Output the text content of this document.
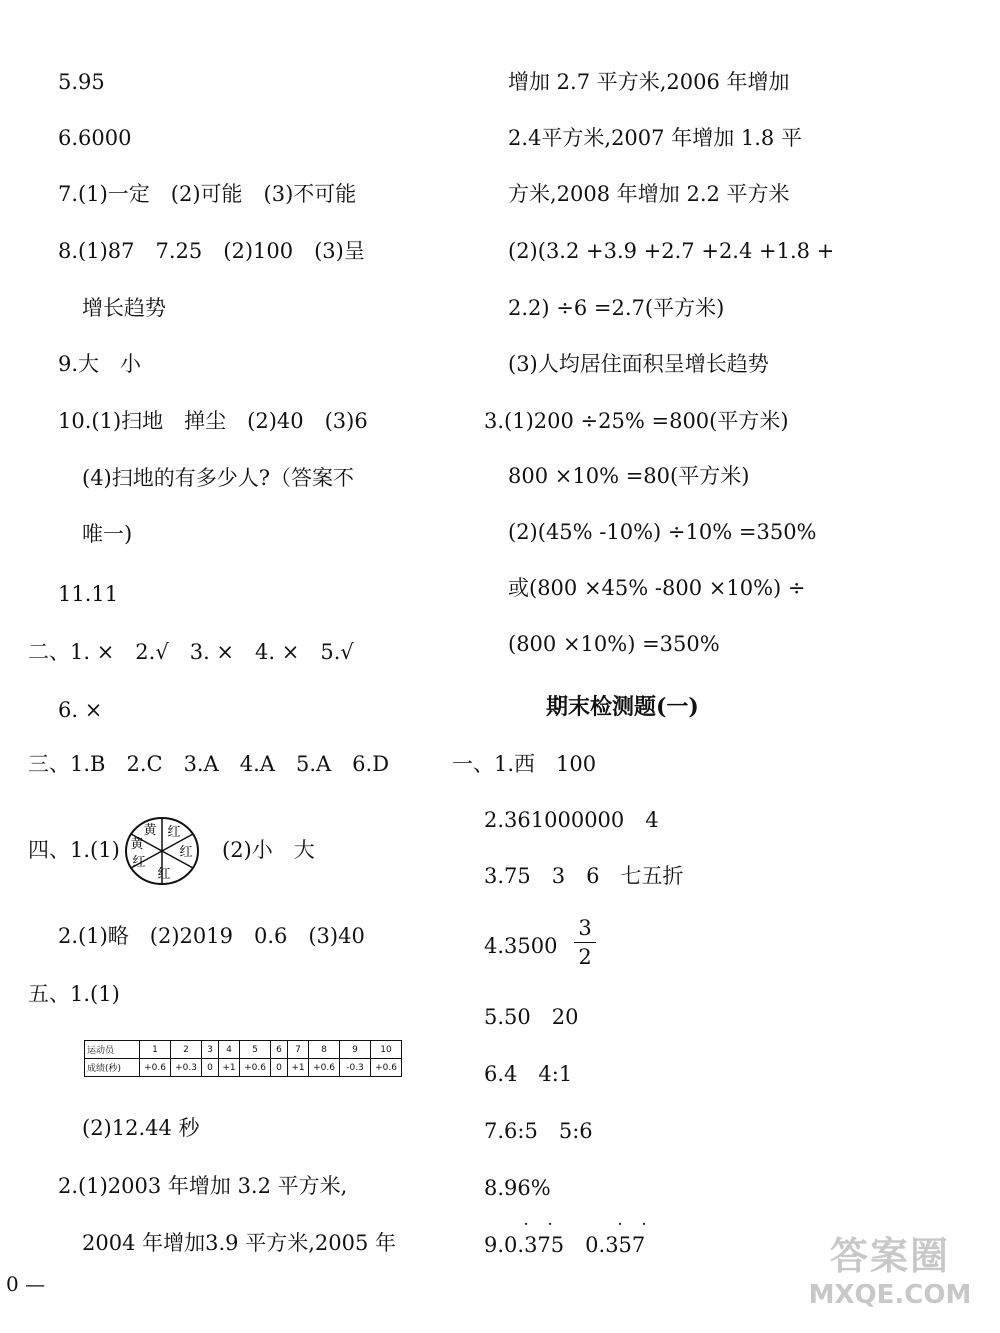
5.95
6.6000
7.(1)一定　(2)可能　(3)不可能
8.(1)87　7.25　(2)100　(3)呈
增长趋势
9.大　小
10.(1)扫地　掸尘　(2)40　(3)6
(4)扫地的有多少人?（答案不
唯一)
11.11
二、1. ×　2.√　3. ×　4. ×　5.√
6. ×
三、1.B　2.C　3.A　4.A　5.A　6.D
四、1.(1)
黄 红
黄
红
红
红
(2)小　大
2.(1)略　(2)2019　0.6　(3)40
五、1.(1)
运动员	1	2	3	4	5	6	7	8	9	10
成绩(秒)	+0.6	+0.3	0	+1	+0.6	0	+1	+0.6	-0.3	+0.6
(2)12.44 秒
2.(1)2003 年增加 3.2 平方米,
2004 年增加3.9 平方米,2005 年
0 —
增加 2.7 平方米,2006 年增加
2.4平方米,2007 年增加 1.8 平
方米,2008 年增加 2.2 平方米
(2)(3.2 +3.9 +2.7 +2.4 +1.8 +
2.2) ÷6 =2.7(平方米)
(3)人均居住面积呈增长趋势
3.(1)200 ÷25% =800(平方米)
800 ×10% =80(平方米)
(2)(45% -10%) ÷10% =350%
或(800 ×45% -800 ×10%) ÷
(800 ×10%) =350%
期末检测题(一)
一、1.西　100
2.361000000　4
3.75　3　6　七五折
4.3500
3
2
5.50　20
6.4　4:1
7.6:5　5:6
8.96%
9.0.375　0.357
· ·	· ·
答案圈
MXQE.COM
